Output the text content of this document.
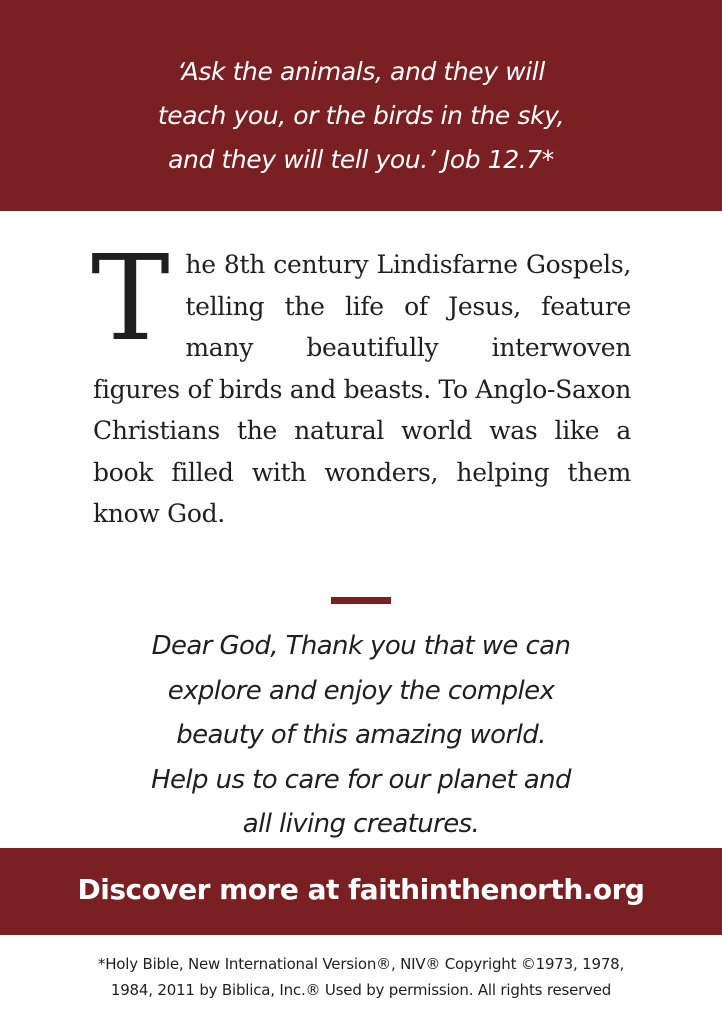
‘Ask the animals, and they will
teach you, or the birds in the sky,
and they will tell you.’ Job 12.7*
The 8th century Lindisfarne Gospels, telling the life of Jesus, feature many beautifully interwoven figures of birds and beasts. To Anglo-Saxon Christians the natural world was like a book filled with wonders, helping them know God.
Dear God, Thank you that we can
explore and enjoy the complex
beauty of this amazing world.
Help us to care for our planet and
all living creatures.
Discover more at faithinthenorth.org
*Holy Bible, New International Version®, NIV® Copyright ©1973, 1978,
1984, 2011 by Biblica, Inc.® Used by permission. All rights reserved
